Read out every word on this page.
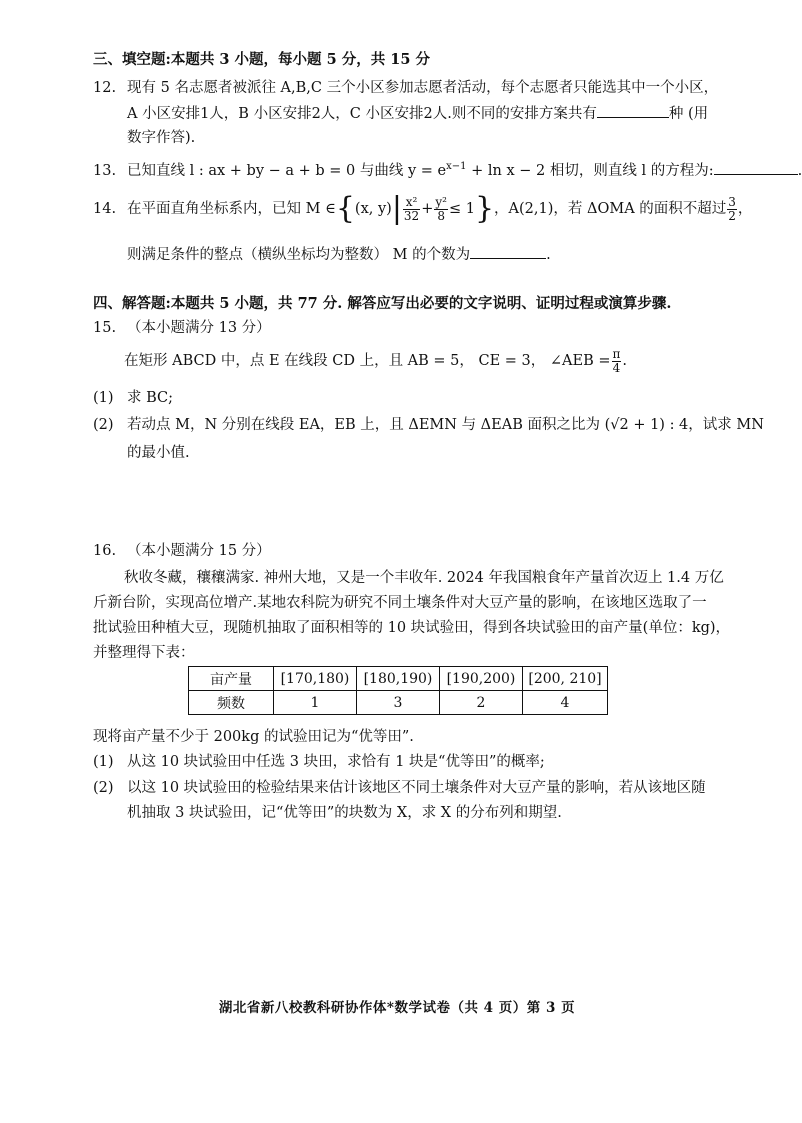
三、填空题:本题共 3 小题，每小题 5 分，共 15 分
12. 现有 5 名志愿者被派往 A,B,C 三个小区参加志愿者活动，每个志愿者只能选其中一个小区，
A 小区安排1人，B 小区安排2人，C 小区安排2人.则不同的安排方案共有	种 (用
数字作答).
13. 已知直线 l : ax + by − a + b = 0 与曲线 $y = e^{x-1} + \ln x - 2$ 相切，则直线 l 的方程为:	.
14. 在平面直角坐标系内，已知 M ∈{(x, $y)| \frac{\text{x²}}{32} + \frac{\text{y²}}{8} \le 1$}，A(2,1)，若 ΔOMA 的面积不超过 $\frac{3}{2}$ ，
则满足条件的整点（横纵坐标均为整数） M 的个数为	.
四、解答题:本题共 5 小题，共 77 分. 解答应写出必要的文字说明、证明过程或演算步骤.
15. （本小题满分 13 分）
在矩形 ABCD 中，点 E 在线段 CD 上，且 AB = 5， CE = 3， ∠AEB = $\frac{\pi}{4}$ .
(1) 求 BC;
(2) 若动点 M，N 分别在线段 EA，EB 上，且 ΔEMN 与 ΔEAB 面积之比为 (√2 + 1) : 4，试求 MN
的最小值.
16. （本小题满分 15 分）
秋收冬藏，穰穰满家. 神州大地，又是一个丰收年. 2024 年我国粮食年产量首次迈上 1.4 万亿
斤新台阶，实现高位增产.某地农科院为研究不同土壤条件对大豆产量的影响，在该地区选取了一
批试验田种植大豆，现随机抽取了面积相等的 10 块试验田，得到各块试验田的亩产量(单位：kg)，
并整理得下表：
亩产量	[170,180)	[180,190)	[190,200)	[200, 210]
频数	1	3	2	4
现将亩产量不少于 200kg 的试验田记为“优等田”.
(1) 从这 10 块试验田中任选 3 块田，求恰有 1 块是“优等田”的概率;
(2) 以这 10 块试验田的检验结果来估计该地区不同土壤条件对大豆产量的影响，若从该地区随
机抽取 3 块试验田，记“优等田”的块数为 X，求 X 的分布列和期望.
湖北省新八校教科研协作体*数学试卷（共 4 页）第 3 页
